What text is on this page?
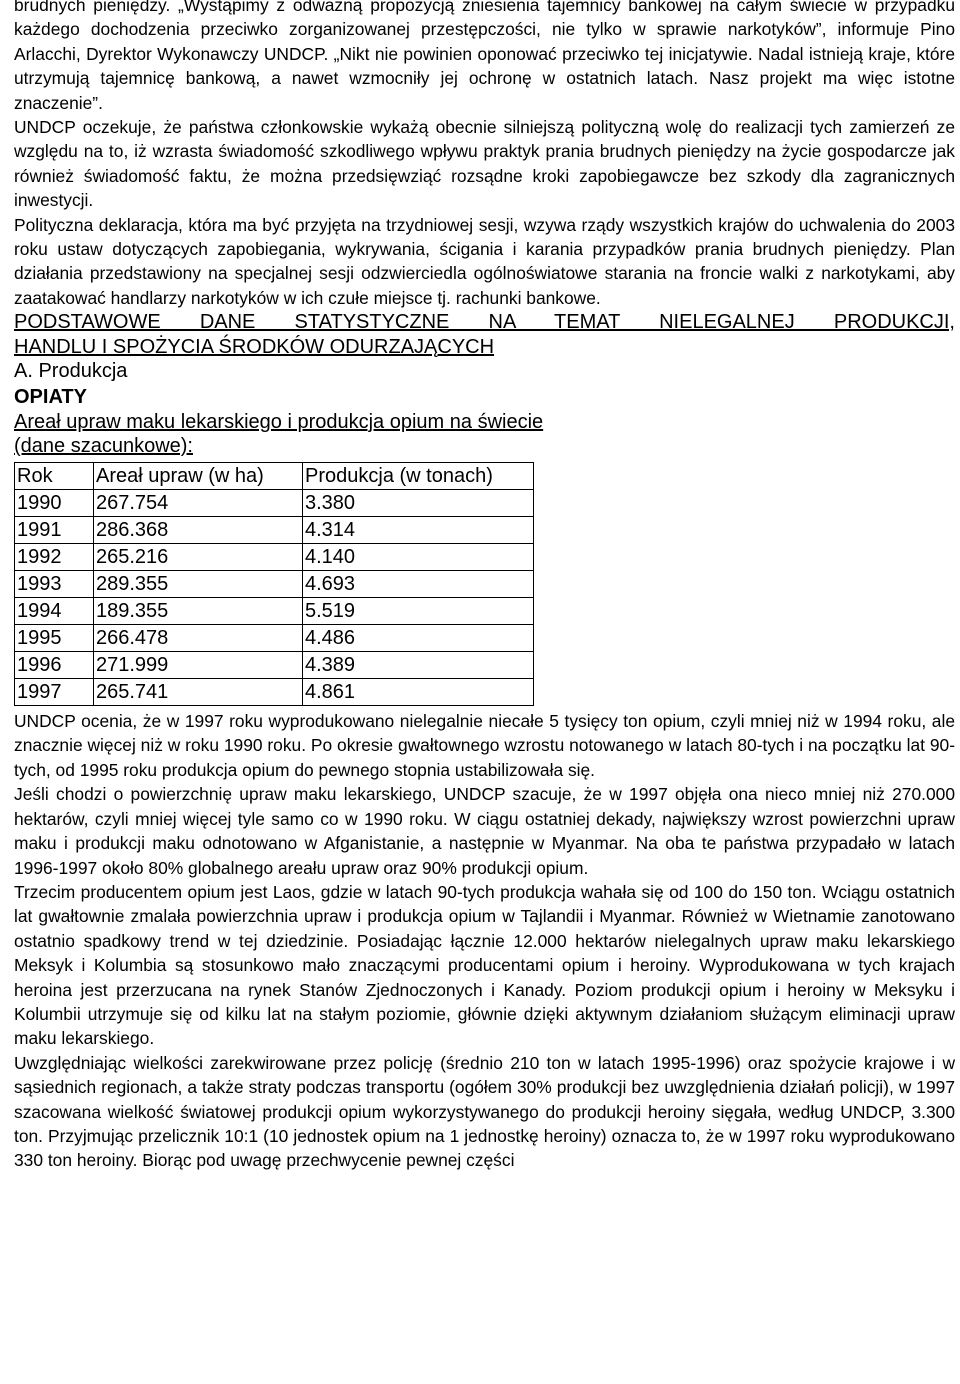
brudnych pieniędzy. „Wystąpimy z odważną propozycją zniesienia tajemnicy bankowej na całym świecie w przypadku każdego dochodzenia przeciwko zorganizowanej przestępczości, nie tylko w sprawie narkotyków”, informuje Pino Arlacchi, Dyrektor Wykonawczy UNDCP. „Nikt nie powinien oponować przeciwko tej inicjatywie. Nadal istnieją kraje, które utrzymują tajemnicę bankową, a nawet wzmocniły jej ochronę w ostatnich latach. Nasz projekt ma więc istotne znaczenie”.

UNDCP oczekuje, że państwa członkowskie wykażą obecnie silniejszą polityczną wolę do realizacji tych zamierzeń ze względu na to, iż wzrasta świadomość szkodliwego wpływu praktyk prania brudnych pieniędzy na życie gospodarcze jak również świadomość faktu, że można przedsięwziąć rozsądne kroki zapobiegawcze bez szkody dla zagranicznych inwestycji.

Polityczna deklaracja, która ma być przyjęta na trzydniowej sesji, wzywa rządy wszystkich krajów do uchwalenia do 2003 roku ustaw dotyczących zapobiegania, wykrywania, ścigania i karania przypadków prania brudnych pieniędzy. Plan działania przedstawiony na specjalnej sesji odzwierciedla ogólnoświatowe starania na froncie walki z narkotykami, aby zaatakować handlarzy narkotyków w ich czułe miejsce tj. rachunki bankowe.

PODSTAWOWE DANE STATYSTYCZNE NA TEMAT NIELEGALNEJ PRODUKCJI,

HANDLU I SPOŻYCIA ŚRODKÓW ODURZAJĄCYCH

A. Produkcja

OPIATY

Areał upraw maku lekarskiego i produkcja opium na świecie

(dane szacunkowe):

Rok	Areał upraw (w ha)	Produkcja (w tonach)
1990	267.754	3.380
1991	286.368	4.314
1992	265.216	4.140
1993	289.355	4.693
1994	189.355	5.519
1995	266.478	4.486
1996	271.999	4.389
1997	265.741	4.861

UNDCP ocenia, że w 1997 roku wyprodukowano nielegalnie niecałe 5 tysięcy ton opium, czyli mniej niż w 1994 roku, ale znacznie więcej niż w roku 1990 roku. Po okresie gwałtownego wzrostu notowanego w latach 80-tych i na początku lat 90-tych, od 1995 roku produkcja opium do pewnego stopnia ustabilizowała się.

Jeśli chodzi o powierzchnię upraw maku lekarskiego, UNDCP szacuje, że w 1997 objęła ona nieco mniej niż 270.000 hektarów, czyli mniej więcej tyle samo co w 1990 roku. W ciągu ostatniej dekady, największy wzrost powierzchni upraw maku i produkcji maku odnotowano w Afganistanie, a następnie w Myanmar. Na oba te państwa przypadało w latach 1996-1997 około 80% globalnego areału upraw oraz 90% produkcji opium.

Trzecim producentem opium jest Laos, gdzie w latach 90-tych produkcja wahała się od 100 do 150 ton. Wciągu ostatnich lat gwałtownie zmalała powierzchnia upraw i produkcja opium w Tajlandii i Myanmar. Również w Wietnamie zanotowano ostatnio spadkowy trend w tej dziedzinie. Posiadając łącznie 12.000 hektarów nielegalnych upraw maku lekarskiego Meksyk i Kolumbia są stosunkowo mało znaczącymi producentami opium i heroiny. Wyprodukowana w tych krajach heroina jest przerzucana na rynek Stanów Zjednoczonych i Kanady. Poziom produkcji opium i heroiny w Meksyku i Kolumbii utrzymuje się od kilku lat na stałym poziomie, głównie dzięki aktywnym działaniom służącym eliminacji upraw maku lekarskiego.

Uwzględniając wielkości zarekwirowane przez policję (średnio 210 ton w latach 1995-1996) oraz spożycie krajowe i w sąsiednich regionach, a także straty podczas transportu (ogółem 30% produkcji bez uwzględnienia działań policji), w 1997 szacowana wielkość światowej produkcji opium wykorzystywanego do produkcji heroiny sięgała, według UNDCP, 3.300 ton. Przyjmując przelicznik 10:1 (10 jednostek opium na 1 jednostkę heroiny) oznacza to, że w 1997 roku wyprodukowano 330 ton heroiny. Biorąc pod uwagę przechwycenie pewnej części
